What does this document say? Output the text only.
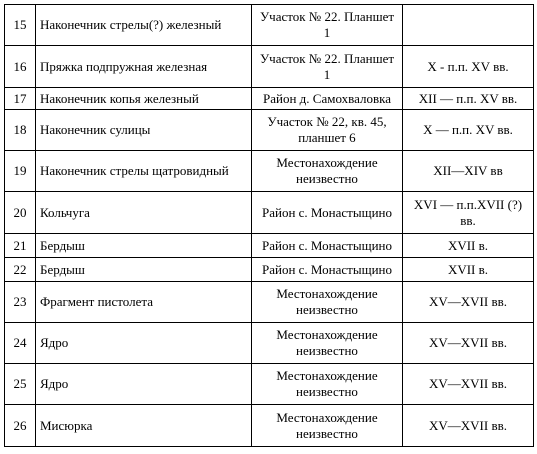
15	Наконечник стрелы(?) железный	Участок № 22. Планшет 1	
16	Пряжка подпружная железная	Участок № 22. Планшет 1	X - п.п. XV вв.
17	Наконечник копья железный	Район д. Самохваловка	XII — п.п. XV вв.
18	Наконечник сулицы	Участок № 22, кв. 45, планшет 6	X — п.п. XV вв.
19	Наконечник стрелы щатровидный	Местонахождение неизвестно	XII—XIV вв
20	Кольчуга	Район с. Монастыщино	XVI — п.п.XVII (?) вв.
21	Бердыш	Район с. Монастыщино	XVII в.
22	Бердыш	Район с. Монастыщино	XVII в.
23	Фрагмент пистолета	Местонахождение неизвестно	XV—XVII вв.
24	Ядро	Местонахождение неизвестно	XV—XVII вв.
25	Ядро	Местонахождение неизвестно	XV—XVII вв.
26	Мисюрка	Местонахождение неизвестно	XV—XVII вв.
